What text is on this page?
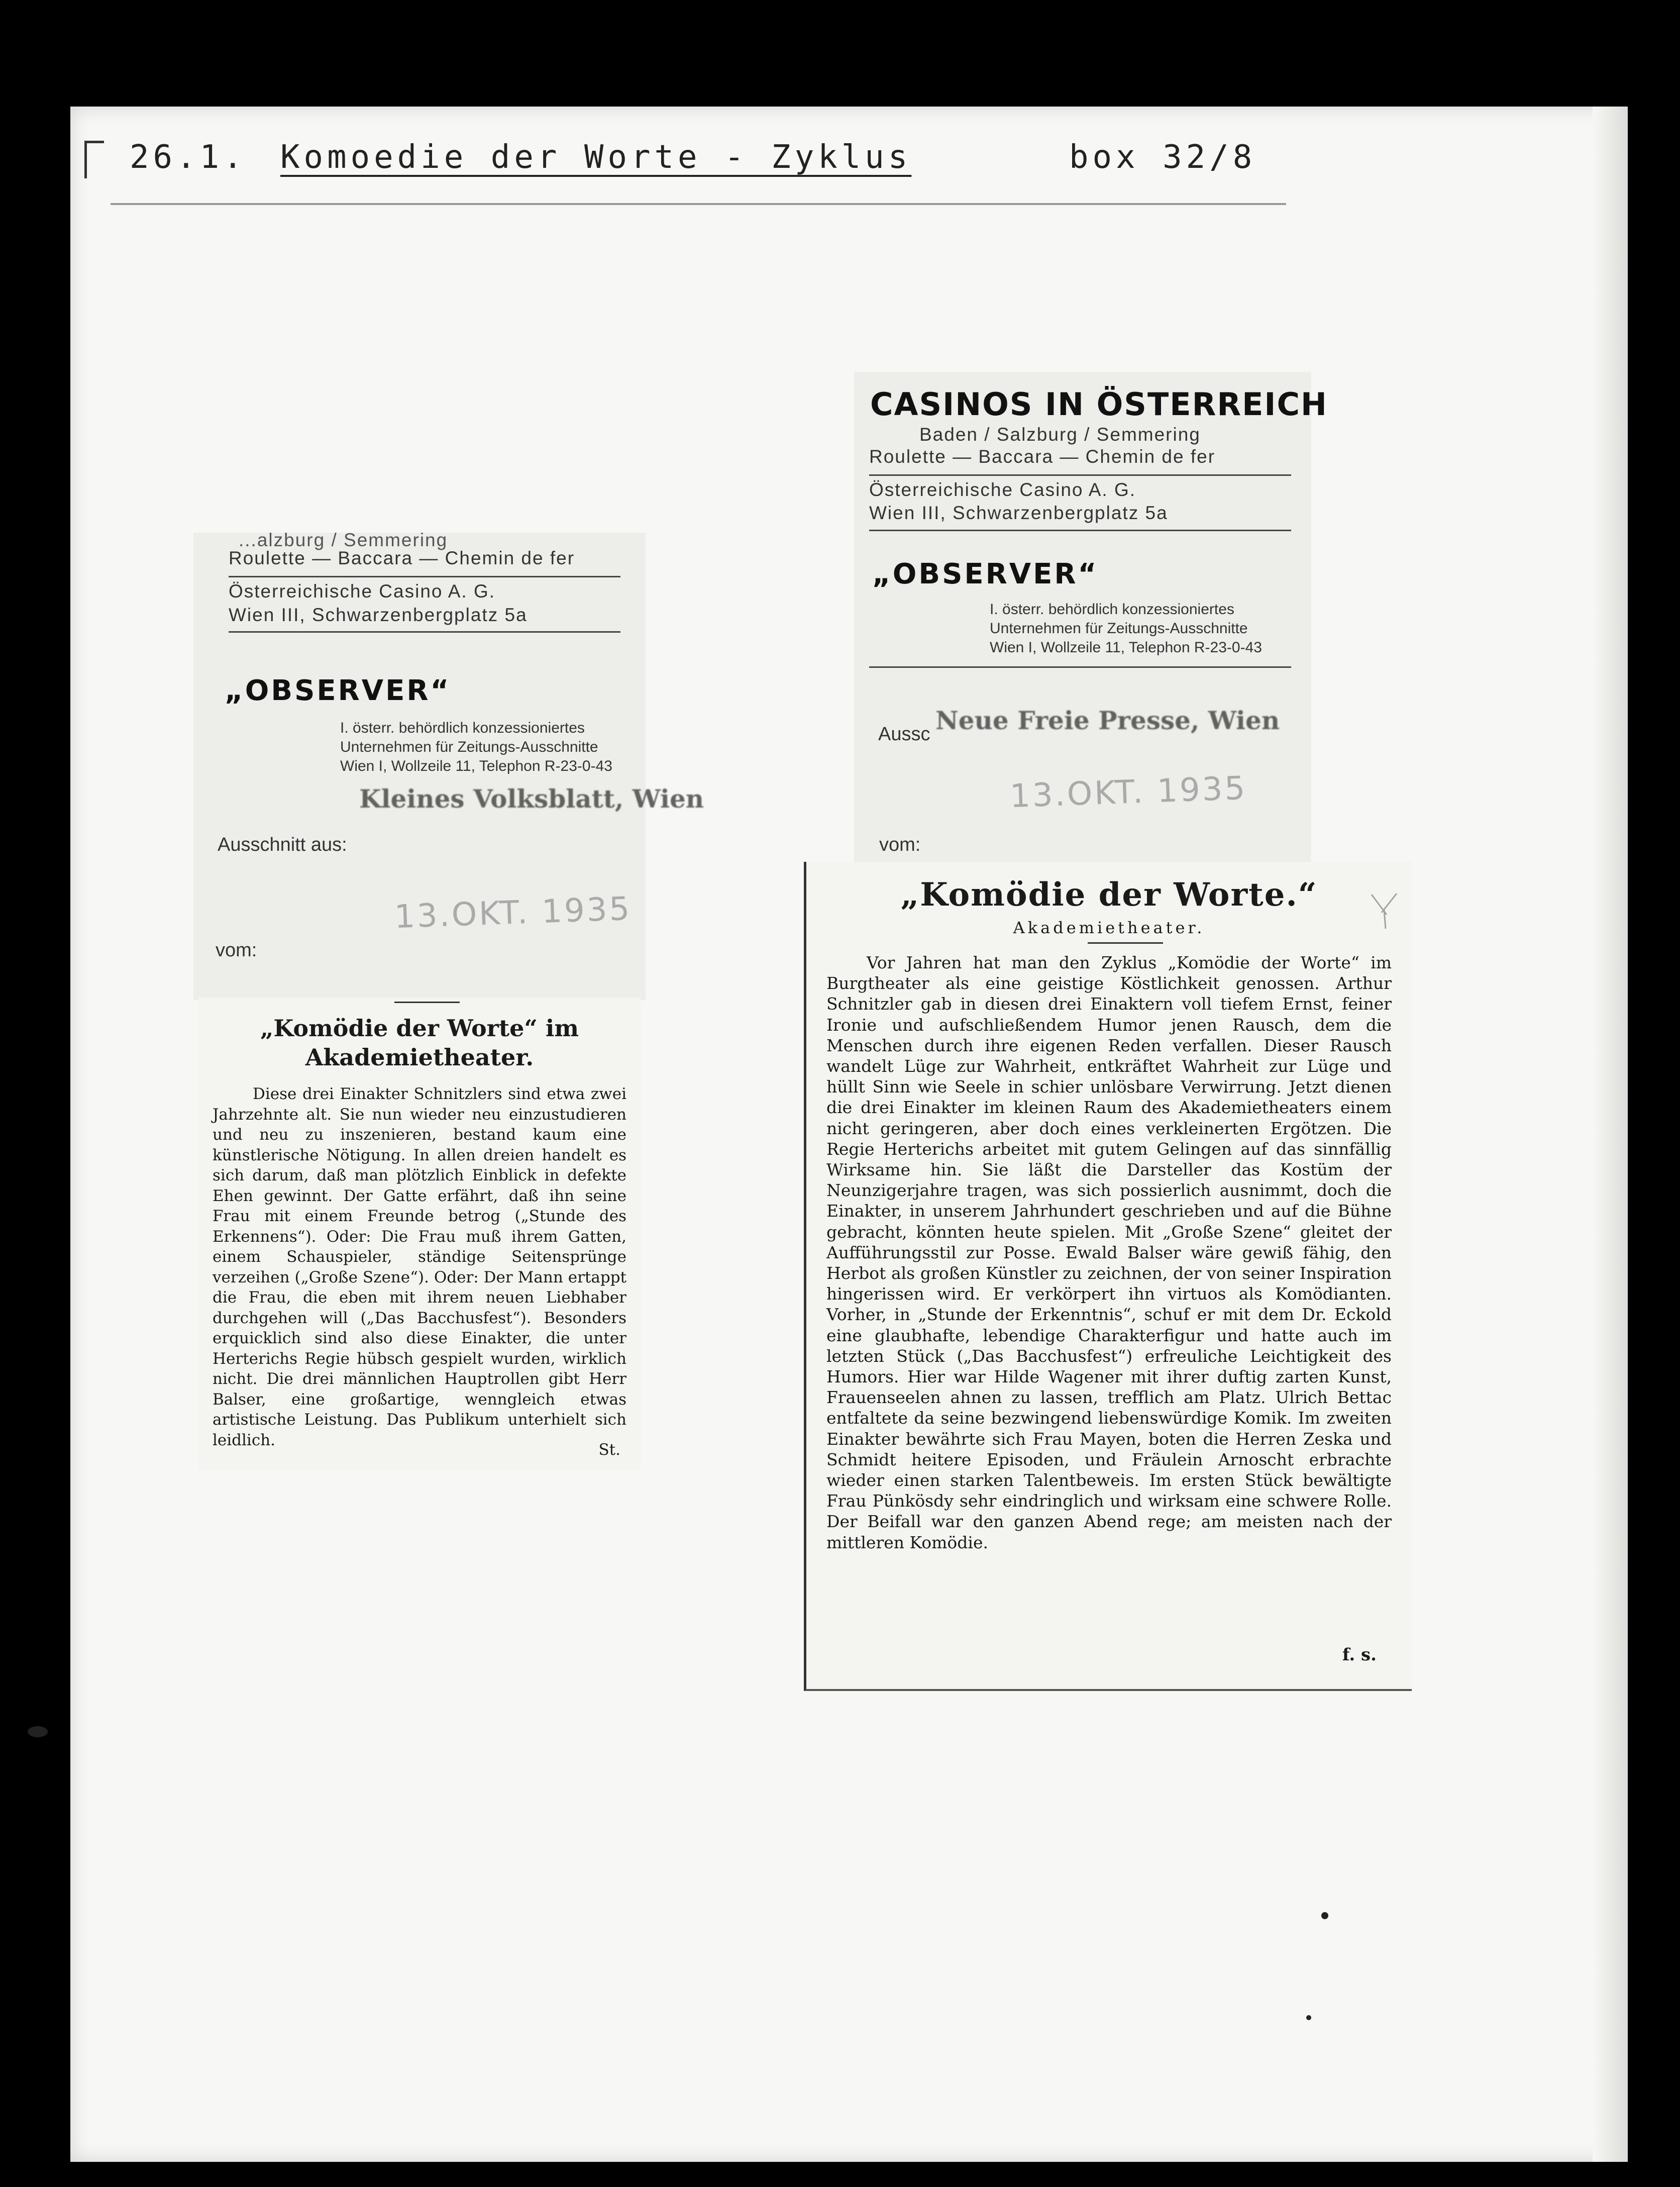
26.1. Komoedie der Worte - Zyklus	box 32/8
...alzburg / Semmering
Roulette — Baccara — Chemin de fer
Österreichische Casino A. G.
Wien III, Schwarzenbergplatz 5a
„OBSERVER“
I. österr. behördlich konzessioniertes
Unternehmen für Zeitungs-Ausschnitte
Wien I, Wollzeile 11, Telephon R-23-0-43
Kleines Volksblatt, Wien
Ausschnitt aus:
13.OKT. 1935
vom:
„Komödie der Worte“ im Akademietheater.

Diese drei Einakter Schnitzlers sind etwa zwei Jahrzehnte alt. Sie nun wieder neu einzustudieren und neu zu inszenieren, bestand kaum eine künstlerische Nötigung. In allen dreien handelt es sich darum, daß man plötzlich Einblick in defekte Ehen gewinnt. Der Gatte erfährt, daß ihn seine Frau mit einem Freunde betrog („Stunde des Erkennens“). Oder: Die Frau muß ihrem Gatten, einem Schauspieler, ständige Seitensprünge verzeihen („Große Szene“). Oder: Der Mann ertappt die Frau, die eben mit ihrem neuen Liebhaber durchgehen will („Das Bacchusfest“). Besonders erquicklich sind also diese Einakter, die unter Herterichs Regie hübsch gespielt wurden, wirklich nicht. Die drei männlichen Hauptrollen gibt Herr Balser, eine großartige, wenngleich etwas artistische Leistung. Das Publikum unterhielt sich leidlich.

St.
CASINOS IN ÖSTERREICH
Baden / Salzburg / Semmering
Roulette — Baccara — Chemin de fer
Österreichische Casino A. G.
Wien III, Schwarzenbergplatz 5a
„OBSERVER“
I. österr. behördlich konzessioniertes
Unternehmen für Zeitungs-Ausschnitte
Wien I, Wollzeile 11, Telephon R-23-0-43
Aussc Neue Freie Presse, Wien
13.OKT. 1935
vom:
„Komödie der Worte.“
Akademietheater.

Vor Jahren hat man den Zyklus „Komödie der Worte“ im Burgtheater als eine geistige Köstlichkeit genossen. Arthur Schnitzler gab in diesen drei Einaktern voll tiefem Ernst, feiner Ironie und aufschließendem Humor jenen Rausch, dem die Menschen durch ihre eigenen Reden verfallen. Dieser Rausch wandelt Lüge zur Wahrheit, entkräftet Wahrheit zur Lüge und hüllt Sinn wie Seele in schier unlösbare Verwirrung. Jetzt dienen die drei Einakter im kleinen Raum des Akademietheaters einem nicht geringeren, aber doch eines verkleinerten Ergötzen. Die Regie Herterichs arbeitet mit gutem Gelingen auf das sinnfällig Wirksame hin. Sie läßt die Darsteller das Kostüm der Neunzigerjahre tragen, was sich possierlich ausnimmt, doch die Einakter, in unserem Jahrhundert geschrieben und auf die Bühne gebracht, könnten heute spielen. Mit „Große Szene“ gleitet der Aufführungsstil zur Posse. Ewald Balser wäre gewiß fähig, den Herbot als großen Künstler zu zeichnen, der von seiner Inspiration hingerissen wird. Er verkörpert ihn virtuos als Komödianten. Vorher, in „Stunde der Erkenntnis“, schuf er mit dem Dr. Eckold eine glaubhafte, lebendige Charakterfigur und hatte auch im letzten Stück („Das Bacchusfest“) erfreuliche Leichtigkeit des Humors. Hier war Hilde Wagener mit ihrer duftig zarten Kunst, Frauenseelen ahnen zu lassen, trefflich am Platz. Ulrich Bettac entfaltete da seine bezwingend liebenswürdige Komik. Im zweiten Einakter bewährte sich Frau Mayen, boten die Herren Zeska und Schmidt heitere Episoden, und Fräulein Arnoscht erbrachte wieder einen starken Talentbeweis. Im ersten Stück bewältigte Frau Pünkösdy sehr eindringlich und wirksam eine schwere Rolle. Der Beifall war den ganzen Abend rege; am meisten nach der mittleren Komödie.

f. s.
